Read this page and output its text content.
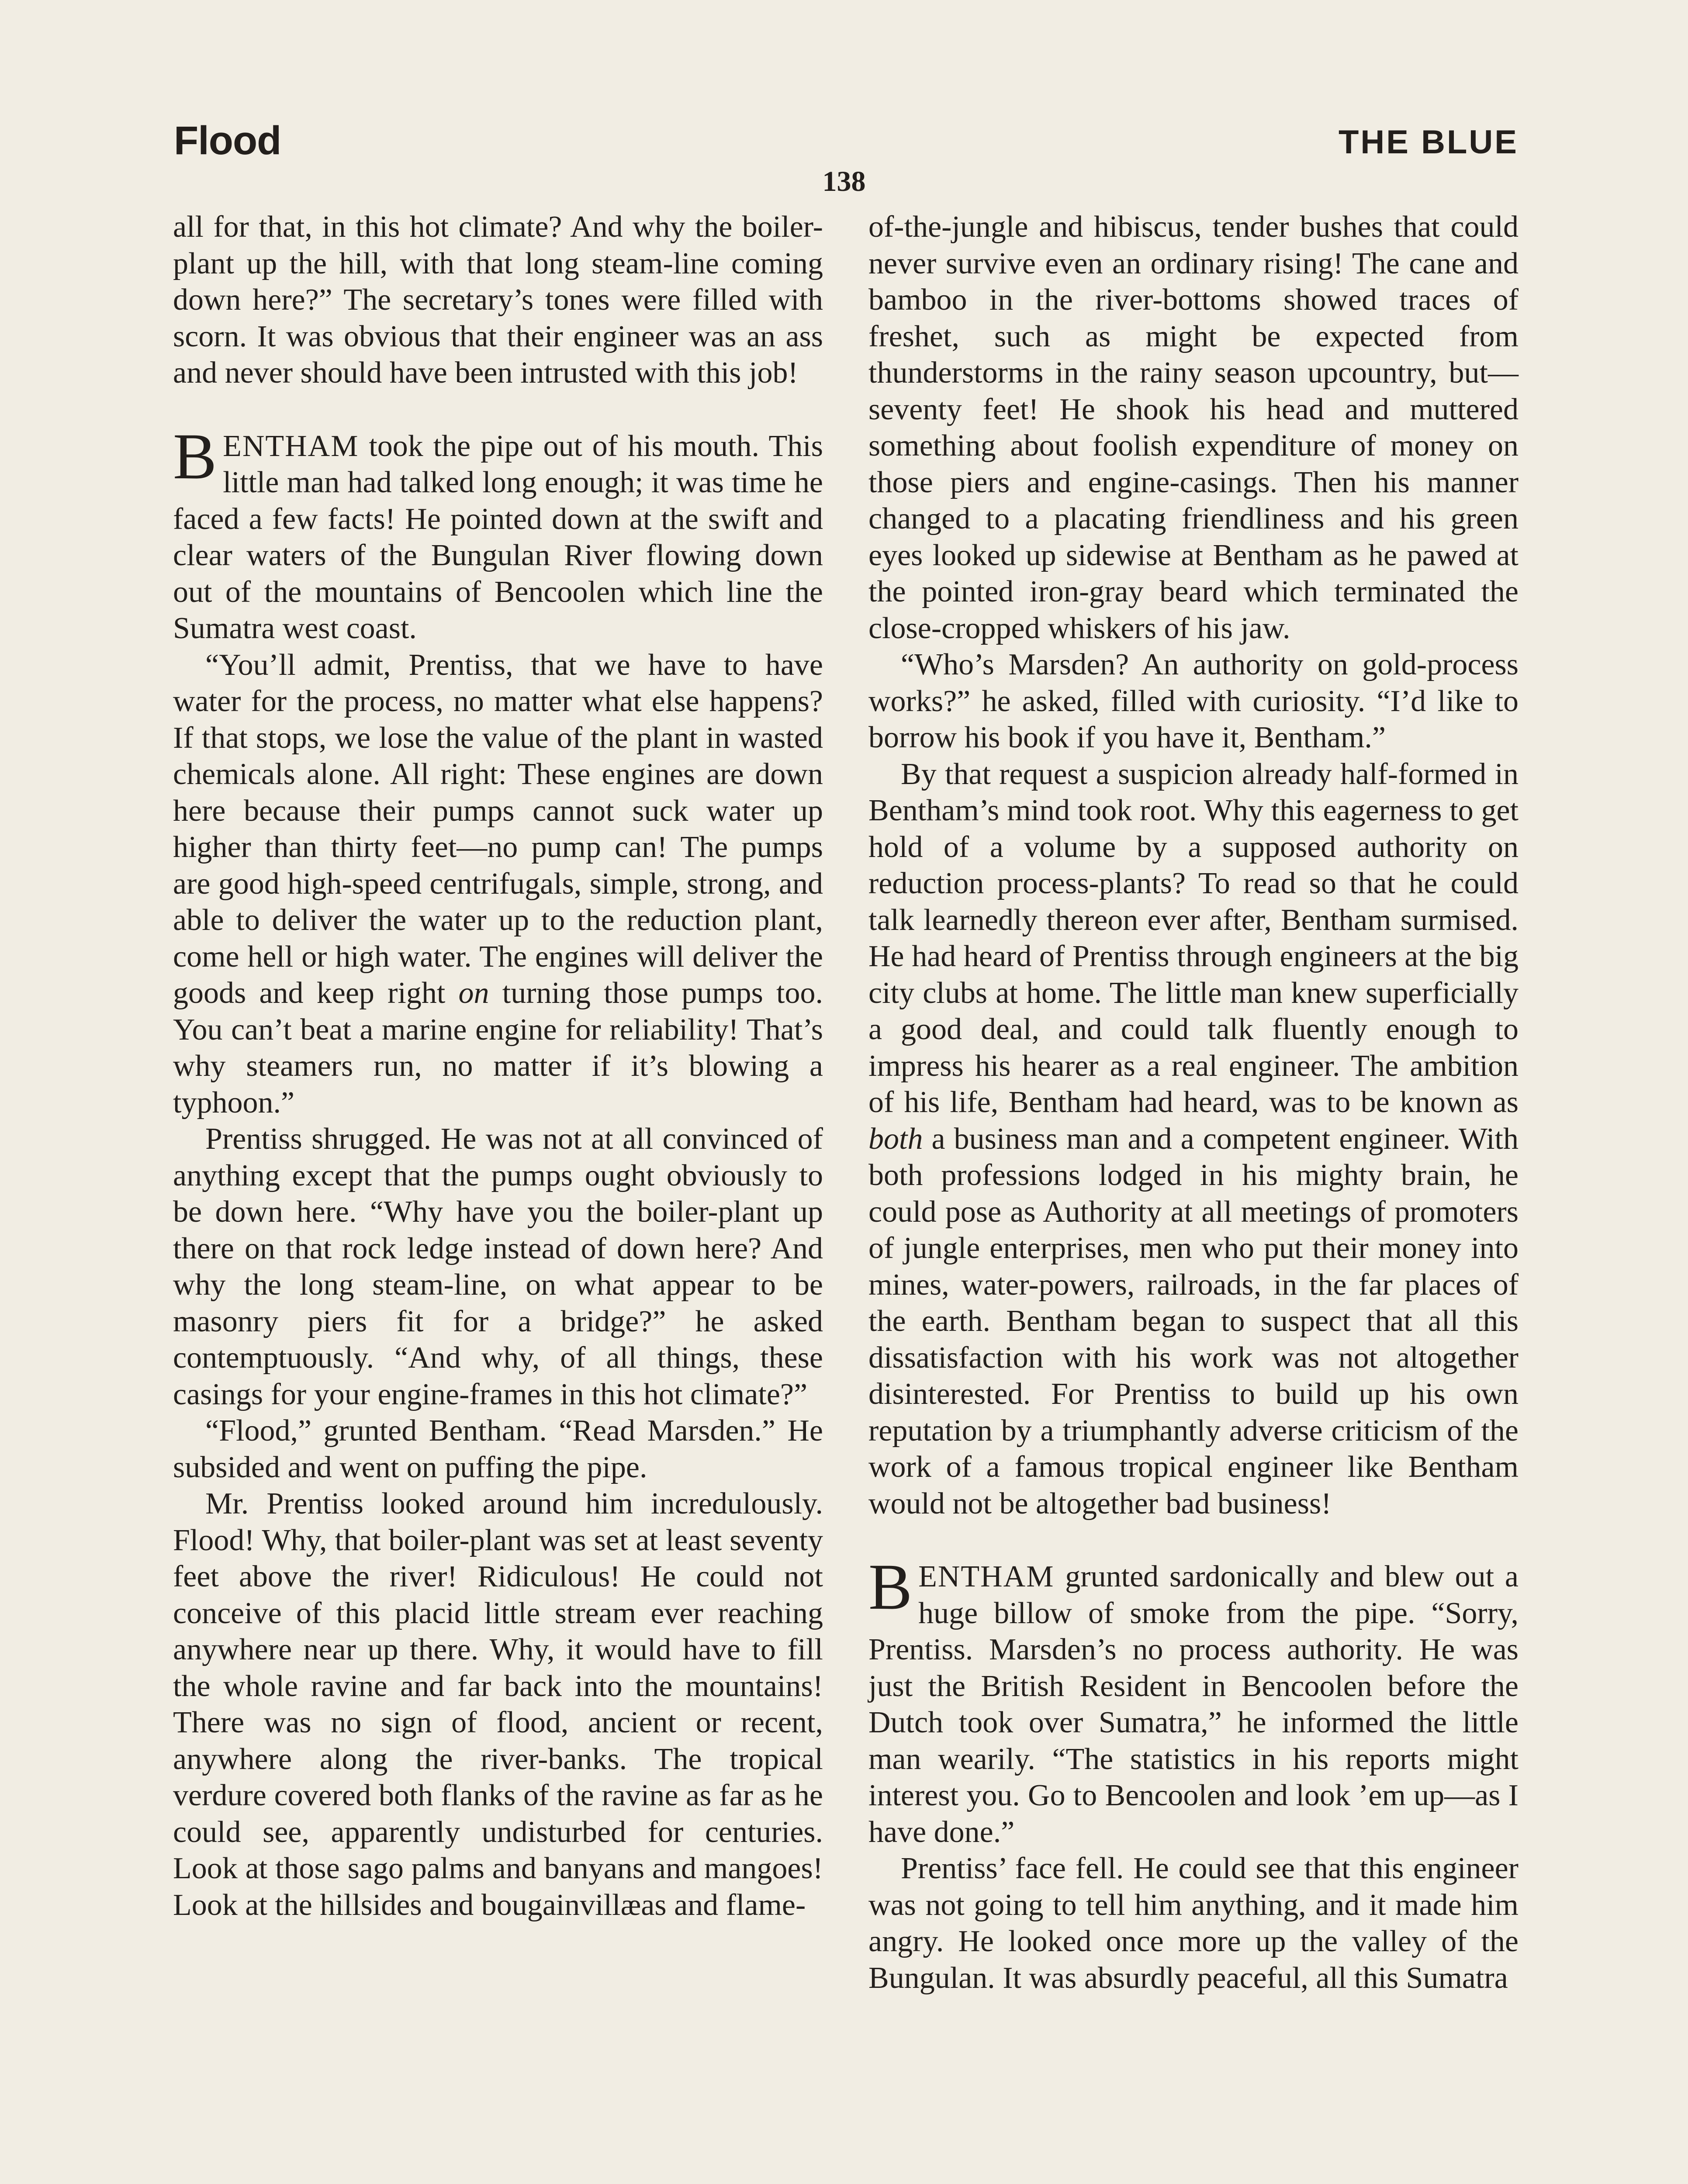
Flood	THE BLUE
138

all for that, in this hot climate? And why the boiler-plant up the hill, with that long steam-line coming down here?” The secretary’s tones were filled with scorn. It was obvious that their engineer was an ass and never should have been intrusted with this job!

BENTHAM took the pipe out of his mouth. This little man had talked long enough; it was time he faced a few facts! He pointed down at the swift and clear waters of the Bungulan River flowing down out of the mountains of Bencoolen which line the Sumatra west coast.

“You’ll admit, Prentiss, that we have to have water for the process, no matter what else happens? If that stops, we lose the value of the plant in wasted chemicals alone. All right: These engines are down here because their pumps cannot suck water up higher than thirty feet—no pump can! The pumps are good high-speed centrifugals, simple, strong, and able to deliver the water up to the reduction plant, come hell or high water. The engines will deliver the goods and keep right on turning those pumps too. You can’t beat a marine engine for reliability! That’s why steamers run, no matter if it’s blowing a typhoon.”

Prentiss shrugged. He was not at all convinced of anything except that the pumps ought obviously to be down here. “Why have you the boiler-plant up there on that rock ledge instead of down here? And why the long steam-line, on what appear to be masonry piers fit for a bridge?” he asked contemptuously. “And why, of all things, these casings for your engine-frames in this hot climate?”

“Flood,” grunted Bentham. “Read Marsden.” He subsided and went on puffing the pipe.

Mr. Prentiss looked around him incredulously. Flood! Why, that boiler-plant was set at least seventy feet above the river! Ridiculous! He could not conceive of this placid little stream ever reaching anywhere near up there. Why, it would have to fill the whole ravine and far back into the mountains! There was no sign of flood, ancient or recent, anywhere along the river-banks. The tropical verdure covered both flanks of the ravine as far as he could see, apparently undisturbed for centuries. Look at those sago palms and banyans and mangoes! Look at the hillsides and bougainvillæas and flame-

of-the-jungle and hibiscus, tender bushes that could never survive even an ordinary rising! The cane and bamboo in the river-bottoms showed traces of freshet, such as might be expected from thunderstorms in the rainy season upcountry, but—seventy feet! He shook his head and muttered something about foolish expenditure of money on those piers and engine-casings. Then his manner changed to a placating friendliness and his green eyes looked up sidewise at Bentham as he pawed at the pointed iron-gray beard which terminated the close-cropped whiskers of his jaw.

“Who’s Marsden? An authority on gold-process works?” he asked, filled with curiosity. “I’d like to borrow his book if you have it, Bentham.”

By that request a suspicion already half-formed in Bentham’s mind took root. Why this eagerness to get hold of a volume by a supposed authority on reduction process-plants? To read so that he could talk learnedly thereon ever after, Bentham surmised. He had heard of Prentiss through engineers at the big city clubs at home. The little man knew superficially a good deal, and could talk fluently enough to impress his hearer as a real engineer. The ambition of his life, Bentham had heard, was to be known as both a business man and a competent engineer. With both professions lodged in his mighty brain, he could pose as Authority at all meetings of promoters of jungle enterprises, men who put their money into mines, water-powers, railroads, in the far places of the earth. Bentham began to suspect that all this dissatisfaction with his work was not altogether disinterested. For Prentiss to build up his own reputation by a triumphantly adverse criticism of the work of a famous tropical engineer like Bentham would not be altogether bad business!

BENTHAM grunted sardonically and blew out a huge billow of smoke from the pipe. “Sorry, Prentiss. Marsden’s no process authority. He was just the British Resident in Bencoolen before the Dutch took over Sumatra,” he informed the little man wearily. “The statistics in his reports might interest you. Go to Bencoolen and look ’em up—as I have done.”

Prentiss’ face fell. He could see that this engineer was not going to tell him anything, and it made him angry. He looked once more up the valley of the Bungulan. It was absurdly peaceful, all this Sumatra
